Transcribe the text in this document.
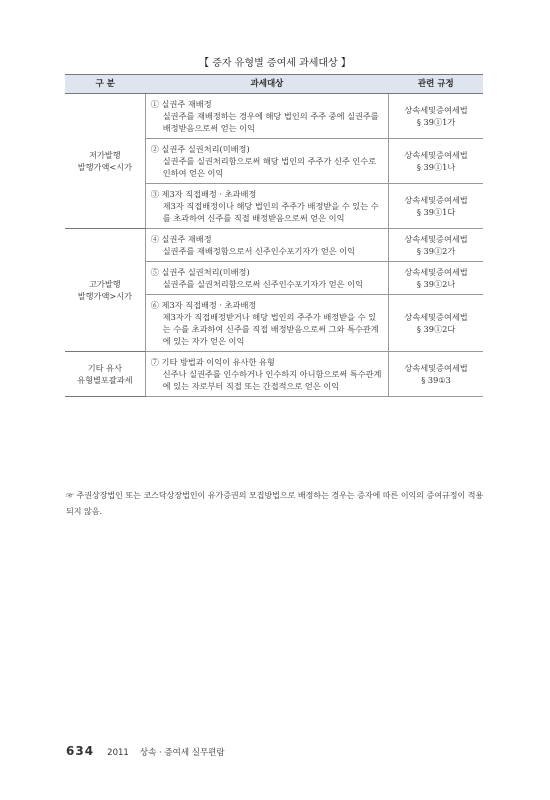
【 증자 유형별 증여세 과세대상 】
구 분	과세대상	관련 규정
저가발행
발행가액<시가	① 실권주 재배정
실권주를 재배정하는 경우에 해당 법인의 주주 중에 실권주를 배정받음으로써 얻는 이익	상속세및증여세법
§ 39①1가

	② 실권주 실권처리(미배정)
실권주를 실권처리함으로써 해당 법인의 주주가 신주 인수로 인하여 얻은 이익	상속세및증여세법
§ 39①1나

	③ 제3자 직접배정 · 초과배정
제3자 직접배정이나 해당 법인의 주주가 배정받을 수 있는 수를 초과하여 신주를 직접 배정받음으로써 얻은 이익	상속세및증여세법
§ 39①1다
고가발행
발행가액>시가	④ 실권주 재배정
실권주를 재배정함으로서 신주인수포기자가 얻은 이익	상속세및증여세법
§ 39①2가

	⑤ 실권주 실권처리(미배정)
실권주를 실권처리함으로써 신주인수포기자가 얻은 이익	상속세및증여세법
§ 39①2나

	⑥ 제3자 직접배정 · 초과배정
제3자가 직접배정받거나 해당 법인의 주주가 배정받을 수 있는 수를 초과하여 신주를 직접 배정받음으로써 그와 특수관계에 있는 자가 얻은 이익	상속세및증여세법
§ 39①2다
기타 유사
유형별포괄과세	⑦ 기타 방법과 이익이 유사한 유형
신주나 실권주를 인수하거나 인수하지 아니함으로써 특수관계에 있는 자로부터 직접 또는 간접적으로 얻은 이익	상속세및증여세법
§ 39①3
☞ 주권상장법인 또는 코스닥상장법인이 유가증권의 모집방법으로 배정하는 경우는 증자에 따른 이익의 증여규정이 적용되지 않음.
634 2011 상속 · 증여세 실무편람
